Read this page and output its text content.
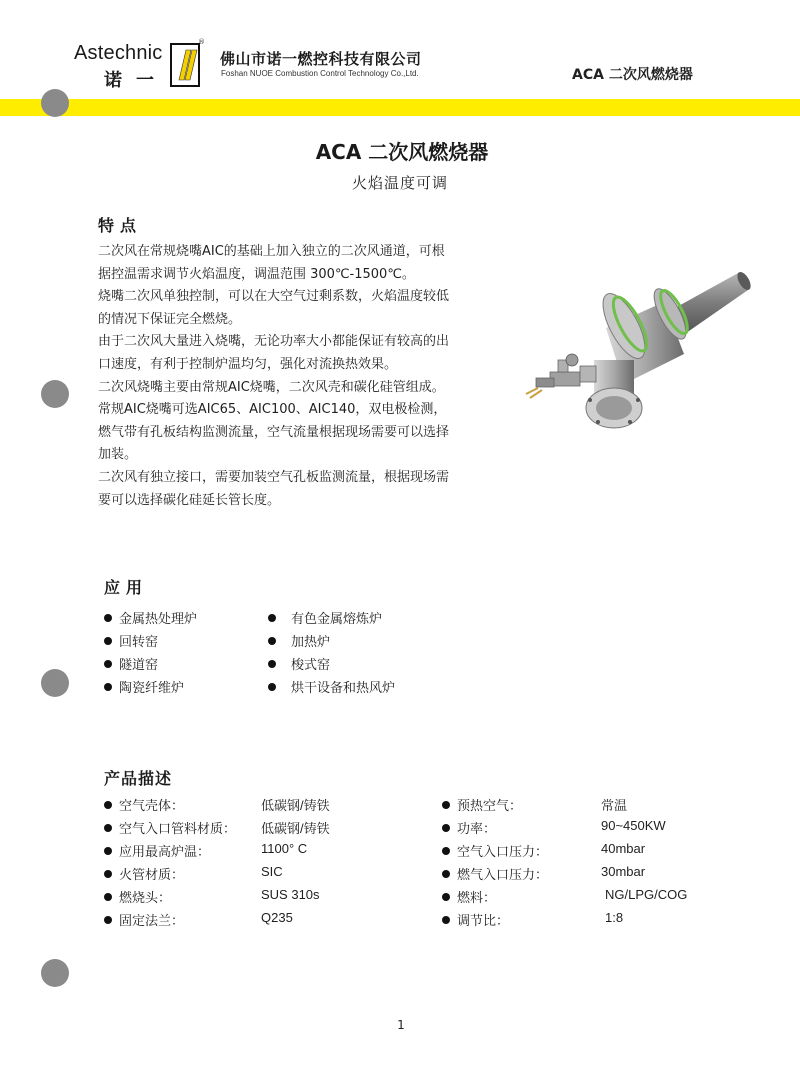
Astechnic
诺一
®
佛山市诺一燃控科技有限公司
Foshan NUOE Combustion Control Technology Co.,Ltd.	ACA 二次风燃烧器
ACA 二次风燃烧器
火焰温度可调
特点

二次风在常规烧嘴AIC的基础上加入独立的二次风通道，可根

据控温需求调节火焰温度，调温范围 300℃-1500℃。

烧嘴二次风单独控制，可以在大空气过剩系数，火焰温度较低

的情况下保证完全燃烧。

由于二次风大量进入烧嘴，无论功率大小都能保证有较高的出

口速度，有利于控制炉温均匀，强化对流换热效果。

二次风烧嘴主要由常规AIC烧嘴，二次风壳和碳化硅管组成。

常规AIC烧嘴可选AIC65、AIC100、AIC140，双电极检测，

燃气带有孔板结构监测流量，空气流量根据现场需要可以选择

加装。

二次风有独立接口，需要加装空气孔板监测流量，根据现场需

要可以选择碳化硅延长管长度。

应用
金属热处理炉
回转窑
隧道窑
陶瓷纤维炉
有色金属熔炼炉
加热炉
梭式窑
烘干设备和热风炉
产品描述
空气壳体：	低碳钢/铸铁
空气入口管料材质： 低碳钢/铸铁
应用最高炉温：	1100° C
火管材质：	SIC
燃烧头：	SUS 310s
固定法兰：	Q235
预热空气：	常温
功率：	90~450KW
空气入口压力：	40mbar
燃气入口压力：	30mbar
燃料：	NG/LPG/COG
调节比：	1:8
1
